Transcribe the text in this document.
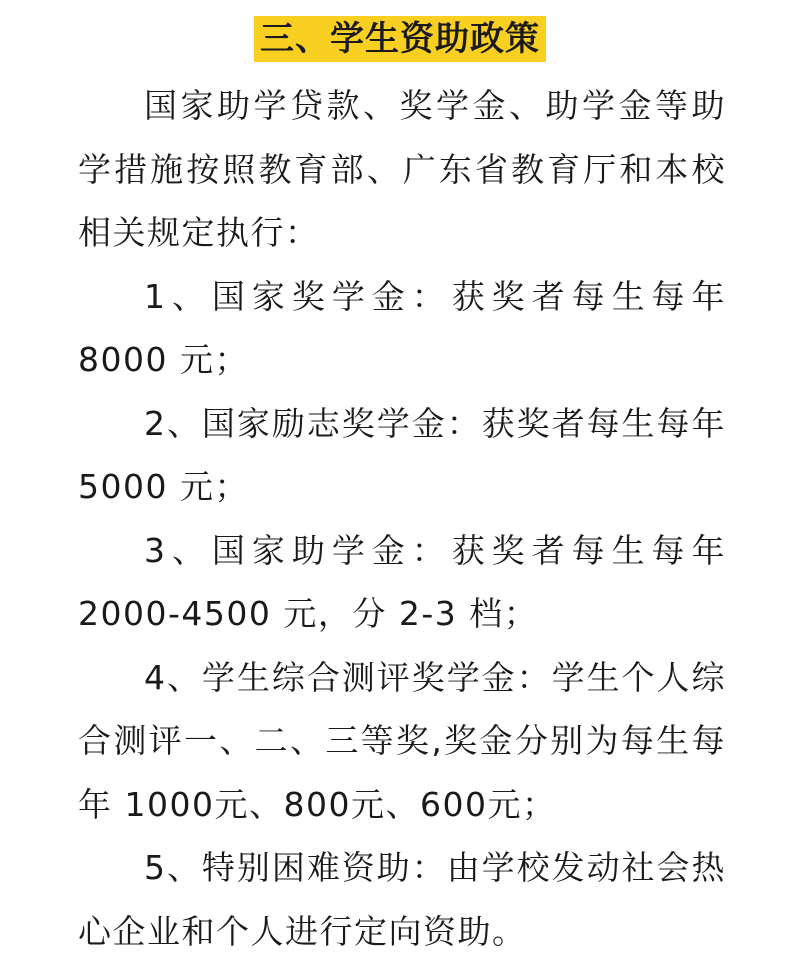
三、学生资助政策

国家助学贷款、奖学金、助学金等助学措施按照教育部、广东省教育厅和本校相关规定执行：

1、国家奖学金：获奖者每生每年 8000 元；

2、国家励志奖学金：获奖者每生每年 5000 元；

3、国家助学金：获奖者每生每年 2000-4500 元，分 2-3 档；

4、学生综合测评奖学金：学生个人综合测评一、二、三等奖,奖金分别为每生每年 1000元、800元、600元；

5、特别困难资助：由学校发动社会热心企业和个人进行定向资助。
